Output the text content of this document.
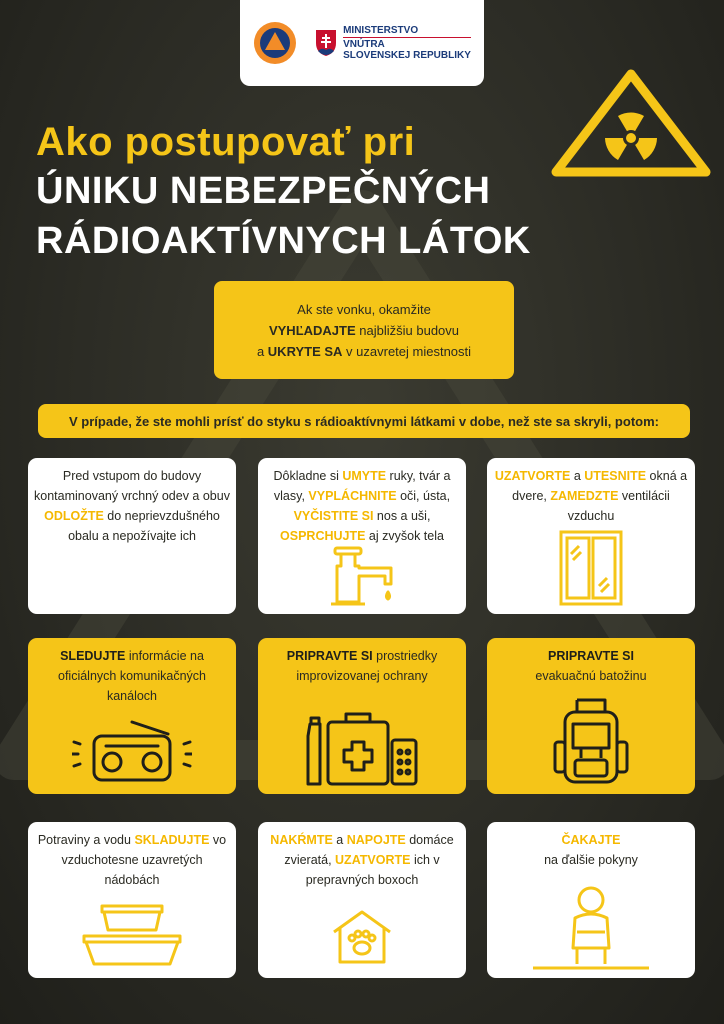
MINISTERSTVO
VNÚTRA
SLOVENSKEJ REPUBLIKY
Ako postupovať pri
ÚNIKU NEBEZPEČNÝCH
RÁDIOAKTÍVNYCH LÁTOK
Ak ste vonku, okamžite
VYHĽADAJTE najbližšiu budovu
a UKRYTE SA v uzavretej miestnosti
V prípade, že ste mohli prísť do styku s rádioaktívnymi látkami v dobe, než ste sa skryli, potom:
Pred vstupom do budovy kontaminovaný vrchný odev a obuv ODLOŽTE do neprievzdušného obalu a nepožívajte ich
Dôkladne si UMYTE ruky, tvár a vlasy, VYPLÁCHNITE oči, ústa, VYČISTITE SI nos a uši, OSPRCHUJTE aj zvyšok tela
UZATVORTE a UTESNITE okná a dvere, ZAMEDZTE ventilácii vzduchu
SLEDUJTE informácie na oficiálnych komunikačných kanáloch
PRIPRAVTE SI prostriedky improvizovanej ochrany
PRIPRAVTE SI
evakuačnú batožinu
Potraviny a vodu SKLADUJTE vo vzduchotesne uzavretých nádobách
NAKŔMTE a NAPOJTE domáce zvieratá, UZATVORTE ich v prepravných boxoch
ČAKAJTE
na ďalšie pokyny
